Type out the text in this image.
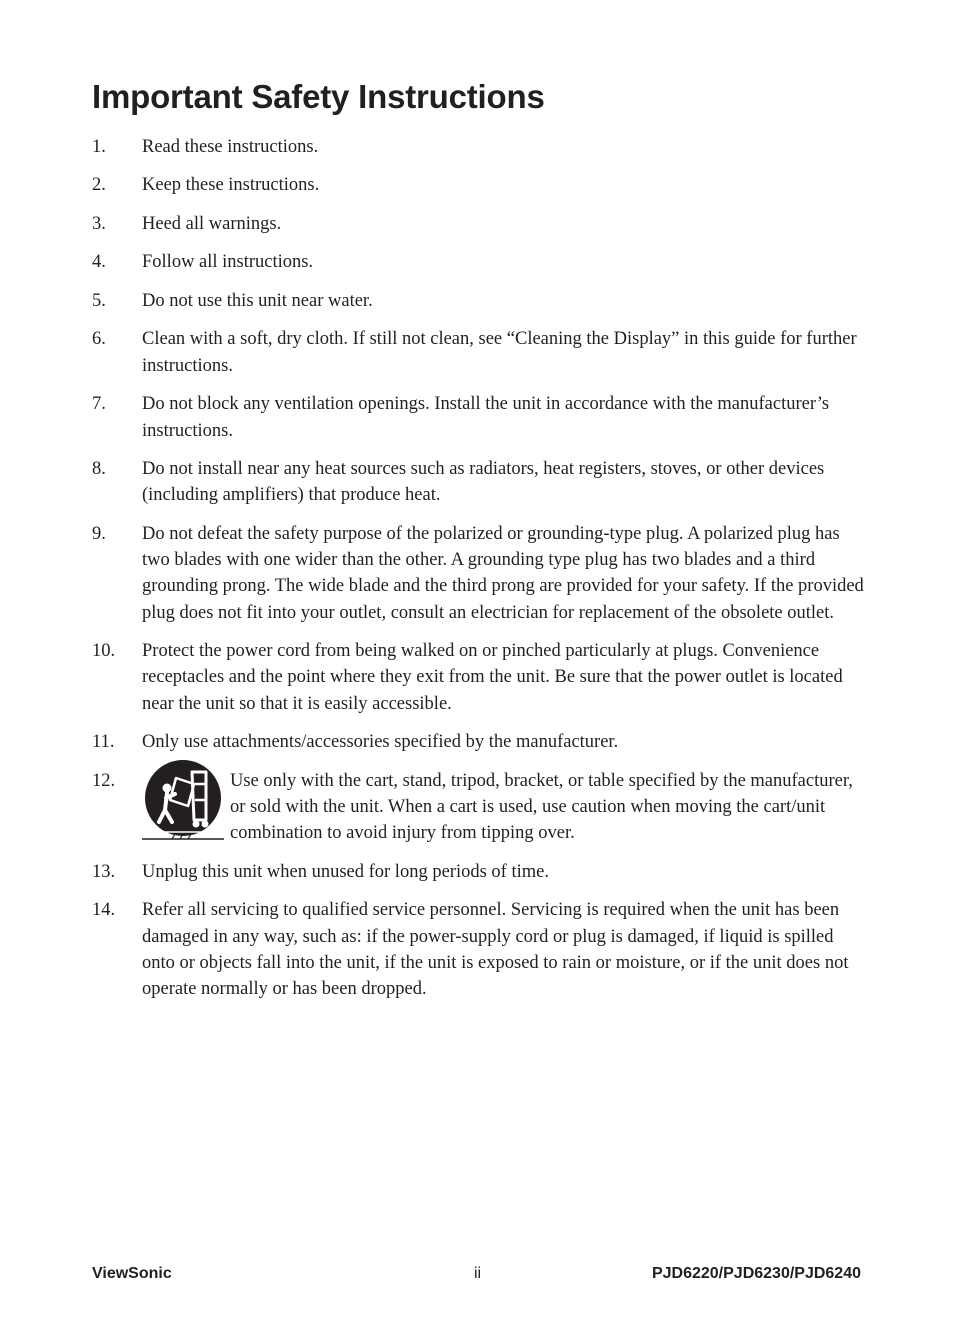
Important Safety Instructions
1.	Read these instructions.
2.	Keep these instructions.
3.	Heed all warnings.
4.	Follow all instructions.
5.	Do not use this unit near water.
6.	Clean with a soft, dry cloth. If still not clean, see “Cleaning the Display” in this guide for further instructions.
7.	Do not block any ventilation openings. Install the unit in accordance with the manufacturer’s instructions.
8.	Do not install near any heat sources such as radiators, heat registers, stoves, or other devices (including amplifiers) that produce heat.
9.	Do not defeat the safety purpose of the polarized or grounding-type plug. A polarized plug has two blades with one wider than the other. A grounding type plug has two blades and a third grounding prong. The wide blade and the third prong are provided for your safety. If the provided plug does not fit into your outlet, consult an electrician for replacement of the obsolete outlet.
10.	Protect the power cord from being walked on or pinched particularly at plugs. Convenience receptacles and the point where they exit from the unit. Be sure that the power outlet is located near the unit so that it is easily accessible.
11.	Only use attachments/accessories specified by the manufacturer.
12.	Use only with the cart, stand, tripod, bracket, or table specified by the manufacturer, or sold with the unit. When a cart is used, use caution when moving the cart/unit combination to avoid injury from tipping over.
13.	Unplug this unit when unused for long periods of time.
14.	Refer all servicing to qualified service personnel. Servicing is required when the unit has been damaged in any way, such as: if the power-supply cord or plug is damaged, if liquid is spilled onto or objects fall into the unit, if the unit is exposed to rain or moisture, or if the unit does not operate normally or has been dropped.
ViewSonic	ii	PJD6220/PJD6230/PJD6240
